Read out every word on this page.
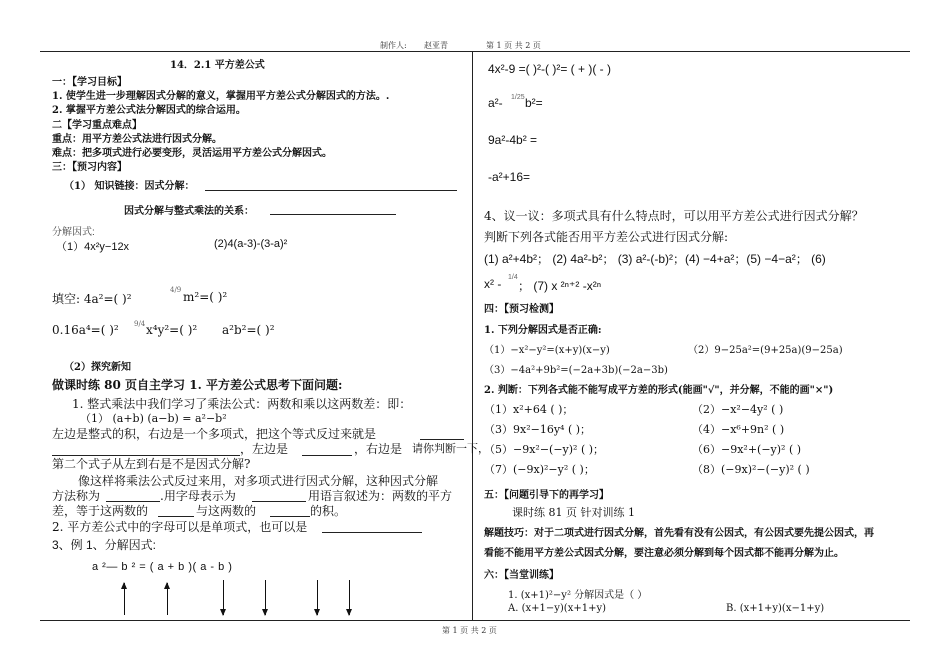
制作人: 赵亚青	第 1 页 共 2 页
第 1 页 共 2 页
14．2.1 平方差公式
一：【学习目标】
1. 使学生进一步理解因式分解的意义，掌握用平方差公式分解因式的方法。.
2. 掌握平方差公式法分解因式的综合运用。
二【学习重点难点】
重点：用平方差公式法进行因式分解。
难点：把多项式进行必要变形，灵活运用平方差公式分解因式。
三：【预习内容】
（1） 知识链接：因式分解：
因式分解与整式乘法的关系：
分解因式:
（1）4x²y−12x	(2)4(a-3)-(3-a)²
填空: 4a²=( )²
4/9 m²=( )²
0.16a⁴=( )² 9/4 x⁴y²=( )² a²b²=( )²
（2）探究新知
做课时练 80 页自主学习 1. 平方差公式思考下面问题:
1. 整式乘法中我们学习了乘法公式：两数和乘以这两数差：即：
（1） (a+b) (a−b) = a²−b²
左边是整式的积，右边是一个多项式，把这个等式反过来就是
，左边是	，右边是 请你判断一下，
第二个式子从左到右是不是因式分解?
像这样将乘法公式反过来用，对多项式进行因式分解，这种因式分解
方法称为	.用字母表示为	用语言叙述为：两数的平方
差，等于这两数的	与这两数的	的积。
2. 平方差公式中的字母可以是单项式，也可以是
3、例 1、分解因式:
a ²— b ² = ( a + b )( a - b )
4x²-9 =( )²-( )²= ( + )( - )
a²- 1/25 b²=
9a²-4b² =
-a²+16=
4、议一议：多项式具有什么特点时，可以用平方差公式进行因式分解？
判断下列各式能否用平方差公式进行因式分解:
(1) a²+4b²； (2) 4a²-b²； (3) a²-(-b)²；(4) −4+a²；(5) −4−a²； (6)
x² - 1/4
； (7) x ²ⁿ⁺² -x²ⁿ
四：【预习检测】
1. 下列分解因式是否正确:
（1）−x²−y²=(x+y)(x−y)	（2）9−25a²=(9+25a)(9−25a)
（3）−4a²+9b²=(−2a+3b)(−2a−3b)
2. 判断：下列各式能不能写成平方差的形式(能画"√"，并分解，不能的画"×")
（1）x²+64 ( )；	（2）−x²−4y² ( )
（3）9x²−16y⁴ ( )；	（4）−x⁶+9n² ( )
（5）−9x²−(−y)² ( )；	（6）−9x²+(−y)² ( )
（7）(−9x)²−y² ( )；	（8）(−9x)²−(−y)² ( )
五：【问题引导下的再学习】
课时练 81 页 针对训练 1
解题技巧：对于二项式进行因式分解，首先看有没有公因式，有公因式要先提公因式，再
看能不能用平方差公式因式分解，要注意必须分解到每个因式都不能再分解为止。
六：【当堂训练】
1. (x+1)²−y² 分解因式是（ ）
A. (x+1−y)(x+1+y)	B. (x+1+y)(x−1+y)
